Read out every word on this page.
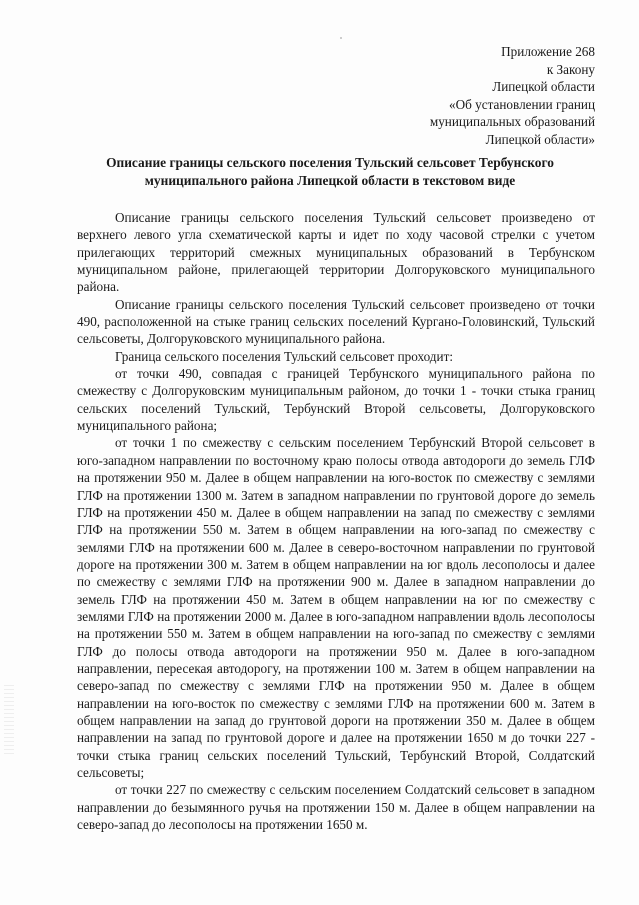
Приложение 268
к Закону
Липецкой области
«Об установлении границ
муниципальных образований
Липецкой области»
Описание границы сельского поселения Тульский сельсовет Тербунского
муниципального района Липецкой области в текстовом виде

Описание границы сельского поселения Тульский сельсовет произведено от верхнего левого угла схематической карты и идет по ходу часовой стрелки с учетом прилегающих территорий смежных муниципальных образований в Тербунском муниципальном районе, прилегающей территории Долгоруковского муниципального района.

Описание границы сельского поселения Тульский сельсовет произведено от точки 490, расположенной на стыке границ сельских поселений Кургано-Головинский, Тульский сельсоветы, Долгоруковского муниципального района.

Граница сельского поселения Тульский сельсовет проходит:

от точки 490, совпадая с границей Тербунского муниципального района по смежеству с Долгоруковским муниципальным районом, до точки 1 - точки стыка границ сельских поселений Тульский, Тербунский Второй сельсоветы, Долгоруковского муниципального района;

от точки 1 по смежеству с сельским поселением Тербунский Второй сельсовет в юго-западном направлении по восточному краю полосы отвода автодороги до земель ГЛФ на протяжении 950 м. Далее в общем направлении на юго-восток по смежеству с землями ГЛФ на протяжении 1300 м. Затем в западном направлении по грунтовой дороге до земель ГЛФ на протяжении 450 м. Далее в общем направлении на запад по смежеству с землями ГЛФ на протяжении 550 м. Затем в общем направлении на юго-запад по смежеству с землями ГЛФ на протяжении 600 м. Далее в северо-восточном направлении по грунтовой дороге на протяжении 300 м. Затем в общем направлении на юг вдоль лесополосы и далее по смежеству с землями ГЛФ на протяжении 900 м. Далее в западном направлении до земель ГЛФ на протяжении 450 м. Затем в общем направлении на юг по смежеству с землями ГЛФ на протяжении 2000 м. Далее в юго-западном направлении вдоль лесополосы на протяжении 550 м. Затем в общем направлении на юго-запад по смежеству с землями ГЛФ до полосы отвода автодороги на протяжении 950 м. Далее в юго-западном направлении, пересекая автодорогу, на протяжении 100 м. Затем в общем направлении на северо-запад по смежеству с землями ГЛФ на протяжении 950 м. Далее в общем направлении на юго-восток по смежеству с землями ГЛФ на протяжении 600 м. Затем в общем направлении на запад до грунтовой дороги на протяжении 350 м. Далее в общем направлении на запад по грунтовой дороге и далее на протяжении 1650 м до точки 227 - точки стыка границ сельских поселений Тульский, Тербунский Второй, Солдатский сельсоветы;

от точки 227 по смежеству с сельским поселением Солдатский сельсовет в западном направлении до безымянного ручья на протяжении 150 м. Далее в общем направлении на северо-запад до лесополосы на протяжении 1650 м.
